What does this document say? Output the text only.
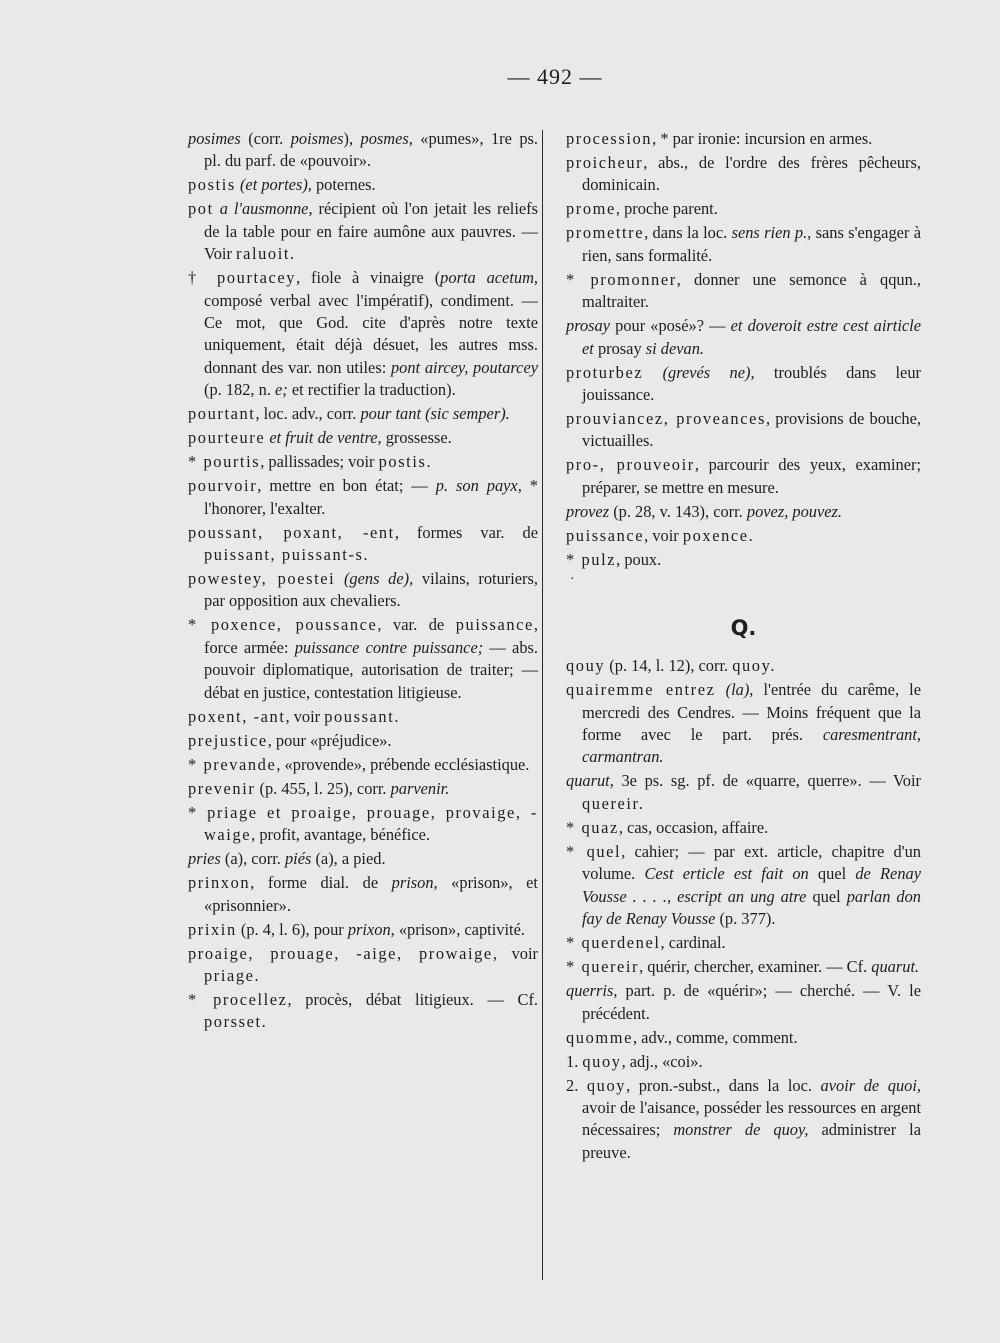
— 492 —

posimes (corr. poismes), posmes, «pumes», 1re ps. pl. du parf. de «pouvoir».

postis (et portes), poternes.

pot a l'ausmonne, récipient où l'on jetait les reliefs de la table pour en faire aumône aux pauvres. — Voir raluoit.

† pourtacey, fiole à vinaigre (porta acetum, composé verbal avec l'impératif), condiment. — Ce mot, que God. cite d'après notre texte uniquement, était déjà désuet, les autres mss. donnant des var. non utiles: pont aircey, poutarcey (p. 182, n. e; et rectifier la traduction).

pourtant, loc. adv., corr. pour tant (sic semper).

pourteure et fruit de ventre, grossesse.

* pourtis, pallissades; voir postis.

pourvoir, mettre en bon état; — p. son payx, * l'honorer, l'exalter.

poussant, poxant, -ent, formes var. de puissant, puissant-s.

powestey, poestei (gens de), vilains, roturiers, par opposition aux chevaliers.

* poxence, poussance, var. de puissance, force armée: puissance contre puissance; — abs. pouvoir diplomatique, autorisation de traiter; — débat en justice, contestation litigieuse.

poxent, -ant, voir poussant.

prejustice, pour «préjudice».

* prevande, «provende», prébende ecclésiastique.

prevenir (p. 455, l. 25), corr. parvenir.

* priage et proaige, prouage, provaige, -waige, profit, avantage, bénéfice.

pries (a), corr. piés (a), a pied.

prinxon, forme dial. de prison, «prison», et «prisonnier».

prixin (p. 4, l. 6), pour prixon, «prison», captivité.

proaige, prouage, -aige, prowaige, voir priage.

* procellez, procès, débat litigieux. — Cf. porsset.

procession, * par ironie: incursion en armes.

proicheur, abs., de l'ordre des frères pêcheurs, dominicain.

prome, proche parent.

promettre, dans la loc. sens rien p., sans s'engager à rien, sans formalité.

* promonner, donner une semonce à qqun., maltraiter.

prosay pour «posé»? — et doveroit estre cest airticle et prosay si devan.

proturbez (grevés ne), troublés dans leur jouissance.

prouviancez, proveances, provisions de bouche, victuailles.

pro-, prouveoir, parcourir des yeux, examiner; préparer, se mettre en mesure.

provez (p. 28, v. 143), corr. povez, pouvez.

puissance, voir poxence.

* pulz, poux.

·
Q.

qouy (p. 14, l. 12), corr. quoy.

quairemme entrez (la), l'entrée du carême, le mercredi des Cendres. — Moins fréquent que la forme avec le part. prés. caresmentrant, carmantran.

quarut, 3e ps. sg. pf. de «quarre, querre». — Voir quereir.

* quaz, cas, occasion, affaire.

* quel, cahier; — par ext. article, chapitre d'un volume. Cest erticle est fait on quel de Renay Vousse . . . ., escript an ung atre quel parlan don fay de Renay Vousse (p. 377).

* querdenel, cardinal.

* quereir, quérir, chercher, examiner. — Cf. quarut.

querris, part. p. de «quérir»; — cherché. — V. le précédent.

quomme, adv., comme, comment.

1. quoy, adj., «coi».

2. quoy, pron.-subst., dans la loc. avoir de quoi, avoir de l'aisance, posséder les ressources en argent nécessaires; monstrer de quoy, administrer la preuve.
